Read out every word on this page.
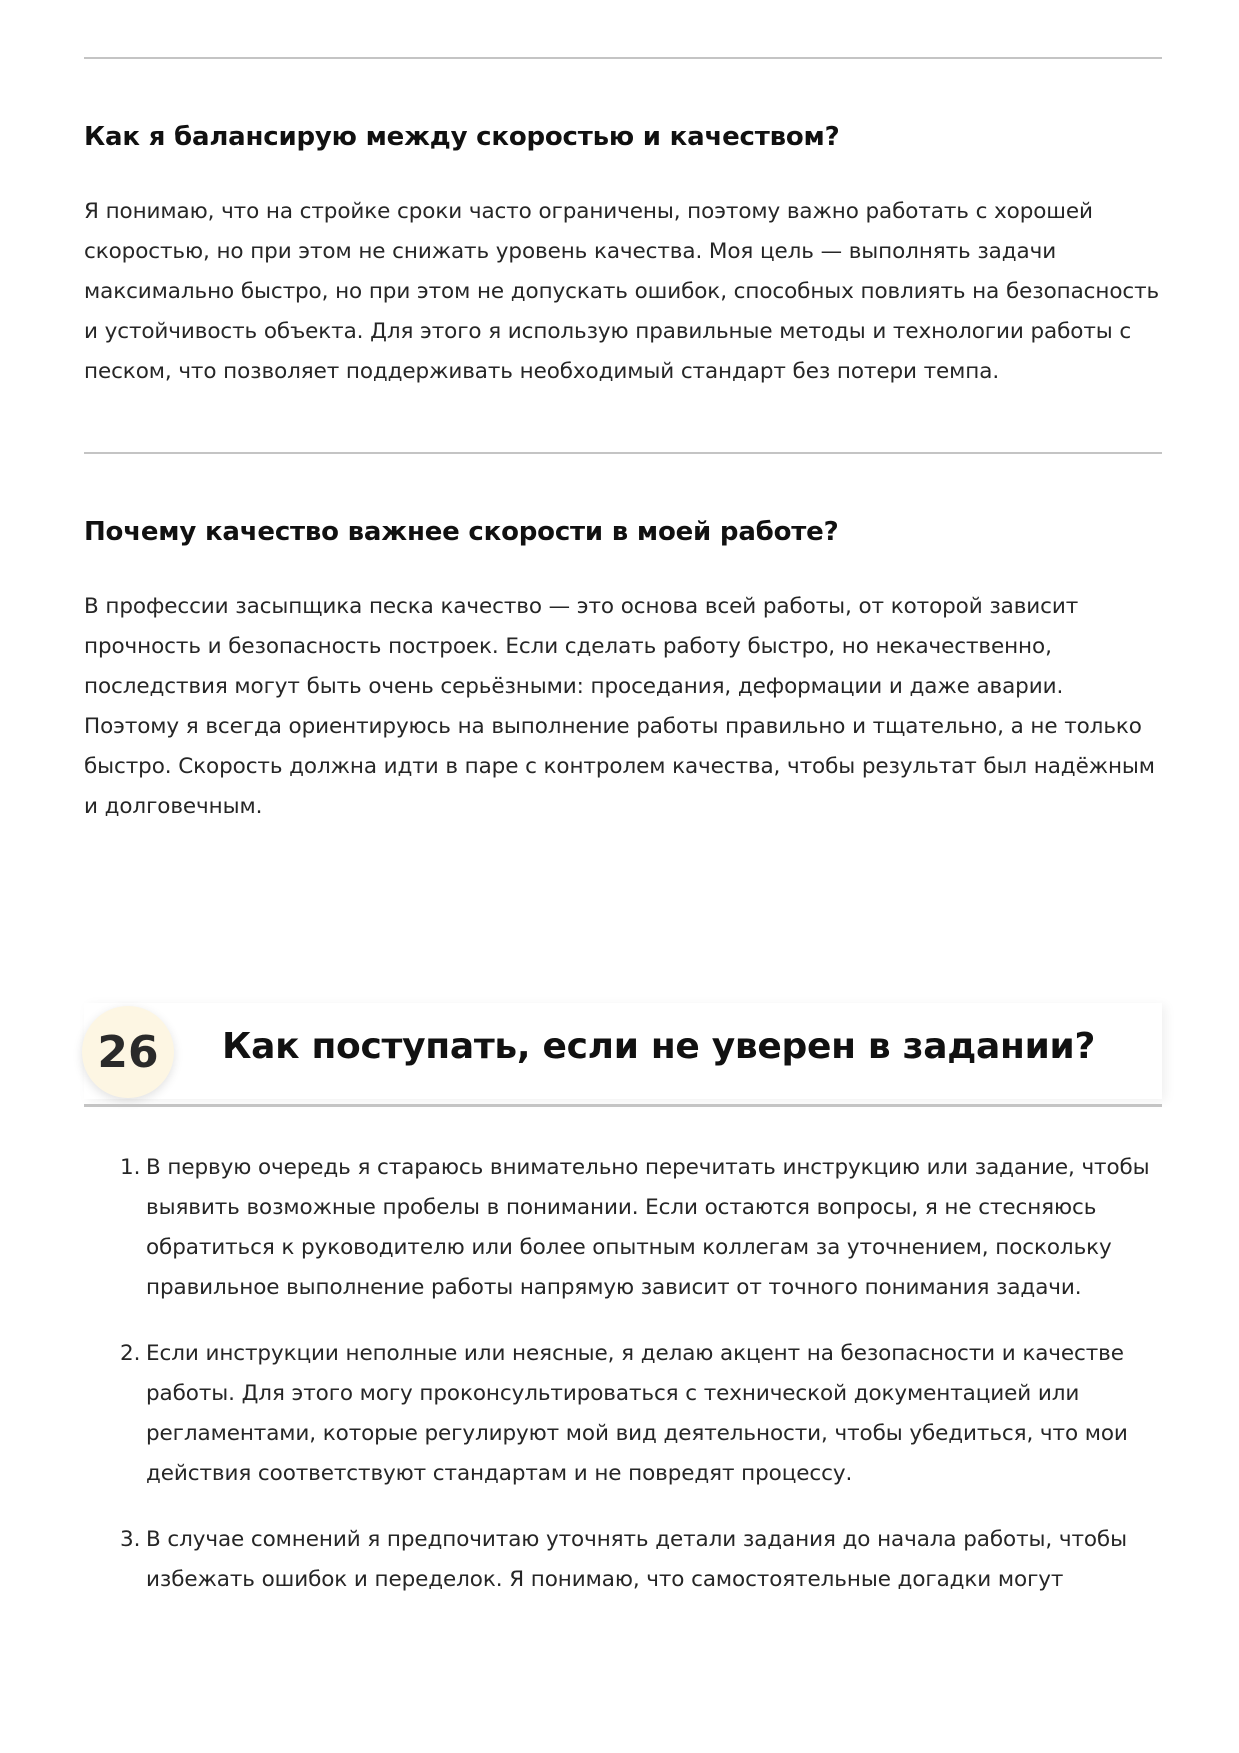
Как я балансирую между скоростью и качеством?

Я понимаю, что на стройке сроки часто ограничены, поэтому важно работать с хорошей скоростью, но при этом не снижать уровень качества. Моя цель — выполнять задачи максимально быстро, но при этом не допускать ошибок, способных повлиять на безопасность и устойчивость объекта. Для этого я использую правильные методы и технологии работы с песком, что позволяет поддерживать необходимый стандарт без потери темпа.

Почему качество важнее скорости в моей работе?

В профессии засыпщика песка качество — это основа всей работы, от которой зависит прочность и безопасность построек. Если сделать работу быстро, но некачественно, последствия могут быть очень серьёзными: проседания, деформации и даже аварии. Поэтому я всегда ориентируюсь на выполнение работы правильно и тщательно, а не только быстро. Скорость должна идти в паре с контролем качества, чтобы результат был надёжным и долговечным.

26	Как поступать, если не уверен в задании?
1. В первую очередь я стараюсь внимательно перечитать инструкцию или задание, чтобы выявить возможные пробелы в понимании. Если остаются вопросы, я не стесняюсь обратиться к руководителю или более опытным коллегам за уточнением, поскольку правильное выполнение работы напрямую зависит от точного понимания задачи.
2. Если инструкции неполные или неясные, я делаю акцент на безопасности и качестве работы. Для этого могу проконсультироваться с технической документацией или регламентами, которые регулируют мой вид деятельности, чтобы убедиться, что мои действия соответствуют стандартам и не повредят процессу.
3. В случае сомнений я предпочитаю уточнять детали задания до начала работы, чтобы избежать ошибок и переделок. Я понимаю, что самостоятельные догадки могут
